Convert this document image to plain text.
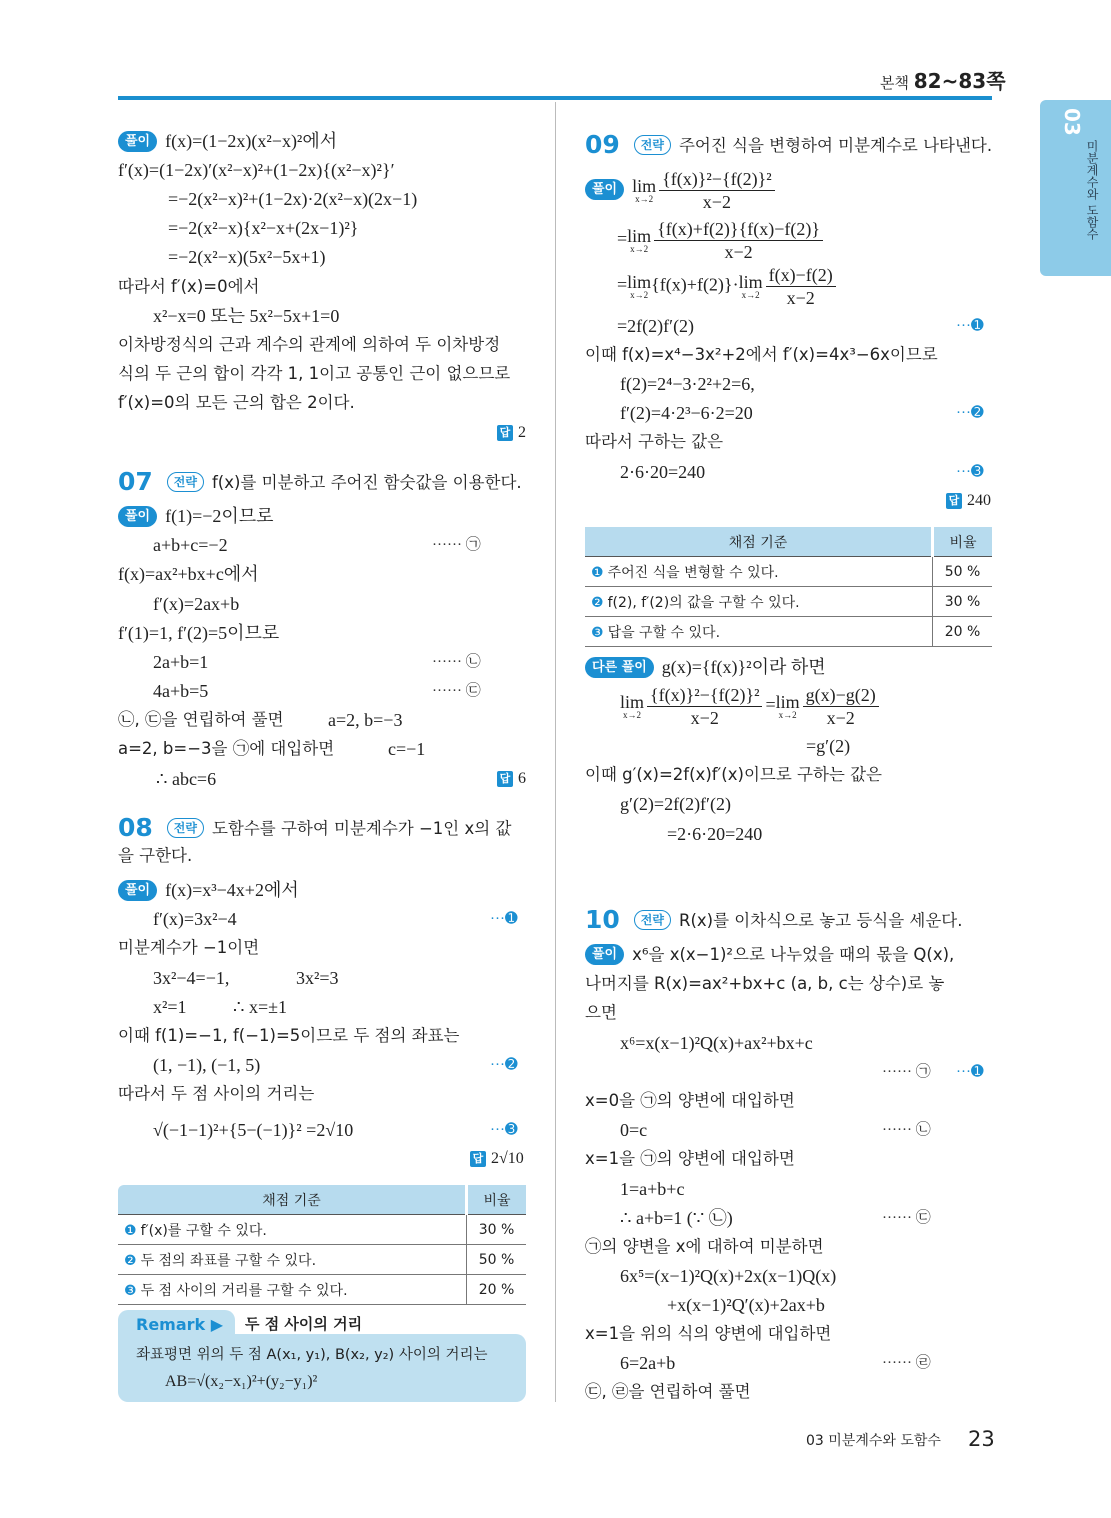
본책 82~83쪽
03
미분계수와 도함수
풀이 f(x)=(1−2x)(x²−x)²에서
f′(x)=(1−2x)′(x²−x)²+(1−2x){(x²−x)²}′
=−2(x²−x)²+(1−2x)·2(x²−x)(2x−1)
=−2(x²−x){x²−x+(2x−1)²}
=−2(x²−x)(5x²−5x+1)
따라서 f′(x)=0에서
x²−x=0 또는 5x²−5x+1=0
이차방정식의 근과 계수의 관계에 의하여 두 이차방정
식의 두 근의 합이 각각 1, 1이고 공통인 근이 없으므로
f′(x)=0의 모든 근의 합은 2이다.
답 2
07 전략 f(x)를 미분하고 주어진 함숫값을 이용한다.
풀이 f(1)=−2이므로
a+b+c=−2	······ ㉠
f(x)=ax²+bx+c에서
f′(x)=2ax+b
f′(1)=1, f′(2)=5이므로
2a+b=1	······ ㉡
4a+b=5	······ ㉢
㉡, ㉢을 연립하여 풀면 a=2, b=−3
a=2, b=−3을 ㉠에 대입하면	c=−1
∴ abc=6	답 6
08 전략 도함수를 구하여 미분계수가 −1인 x의 값
을 구한다.
풀이 f(x)=x³−4x+2에서
f′(x)=3x²−4	···➊
미분계수가 −1이면
3x²−4=−1,	3x²=3
x²=1	∴ x=±1
이때 f(1)=−1, f(−1)=5이므로 두 점의 좌표는
(1, −1), (−1, 5)	···➋
따라서 두 점 사이의 거리는
√(−1−1)²+{5−(−1)}² =2√10	···➌
답 2√10
채점 기준	비율
❶ f′(x)를 구할 수 있다.	30 %
❷ 두 점의 좌표를 구할 수 있다.	50 %
❸ 두 점 사이의 거리를 구할 수 있다.	20 %
Remark ▶ 두 점 사이의 거리
좌표평면 위의 두 점 A(x₁, y₁), B(x₂, y₂) 사이의 거리는
AB=√(x₂−x₁)²+(y₂−y₁)²
09 전략 주어진 식을 변형하여 미분계수로 나타낸다.
풀이 lim
$x\to 2 \frac{\text{\{f(x)\}²−\{f(2)\}²}}{x-2}$
= lim
$x\to 2 \frac{\{f(x)+f(2)\}\{f(x)-f(2)\}}{x-2}$
= lim
x→2
{f(x)+f(2)}· lim
$x\to 2 \frac{f(x)-f(2)}{x-2}$
=2f(2)f′(2)	···➊
이때 f(x)=x⁴−3x²+2에서 f′(x)=4x³−6x이므로
f(2)=2⁴−3·2²+2=6,
f′(2)=4·2³−6·2=20	···➋
따라서 구하는 값은
2·6·20=240	···➌
답 240
채점 기준	비율
❶ 주어진 식을 변형할 수 있다.	50 %
❷ f(2), f′(2)의 값을 구할 수 있다.	30 %
❸ 답을 구할 수 있다.	20 %
다른 풀이 g(x)={f(x)}²이라 하면
lim
$x\to 2 \frac{\text{\{f(x)\}²−\{f(2)\}²}}{x-2} = \lim$
$x\to 2 \frac{g(x)-g(2)}{x-2}$
=g′(2)
이때 g′(x)=2f(x)f′(x)이므로 구하는 값은
g′(2)=2f(2)f′(2)
=2·6·20=240
10 전략 R(x)를 이차식으로 놓고 등식을 세운다.
풀이 x⁶을 x(x−1)²으로 나누었을 때의 몫을 Q(x),
나머지를 R(x)=ax²+bx+c (a, b, c는 상수)로 놓
으면
x⁶=x(x−1)²Q(x)+ax²+bx+c
······ ㉠ ···➊
x=0을 ㉠의 양변에 대입하면
0=c	······ ㉡
x=1을 ㉠의 양변에 대입하면
1=a+b+c
∴ a+b=1 (∵ ㉡)	······ ㉢
㉠의 양변을 x에 대하여 미분하면
6x⁵=(x−1)²Q(x)+2x(x−1)Q(x)
+x(x−1)²Q′(x)+2ax+b
x=1을 위의 식의 양변에 대입하면
6=2a+b	······ ㉣
㉢, ㉣을 연립하여 풀면
03 미분계수와 도함수 23
